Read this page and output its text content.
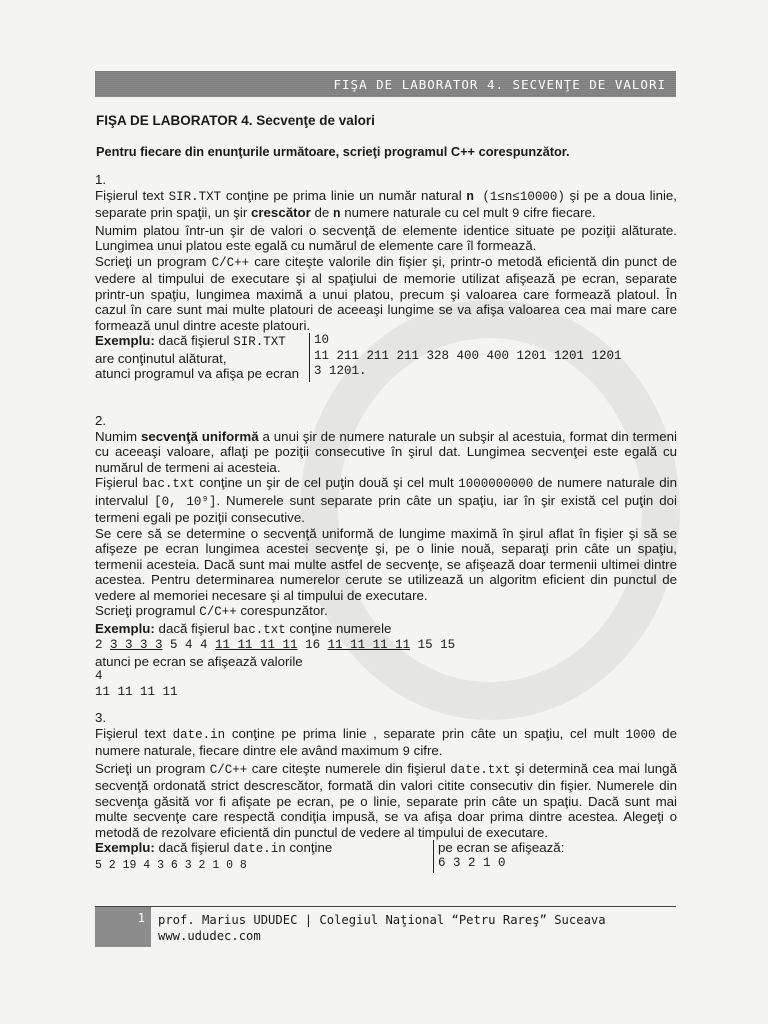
FIŞA DE LABORATOR 4. SECVENŢE DE VALORI
FIŞA DE LABORATOR 4. Secvenţe de valori
Pentru fiecare din enunţurile următoare, scrieţi programul C++ corespunzător.

1.

Fişierul text SIR.TXT conţine pe prima linie un număr natural n (1≤n≤10000) şi pe a doua linie, separate prin spaţii, un şir crescător de n numere naturale cu cel mult 9 cifre fiecare.

Numim platou într-un şir de valori o secvenţă de elemente identice situate pe poziţii alăturate. Lungimea unui platou este egală cu numărul de elemente care îl formează.

Scrieţi un program C/C++ care citeşte valorile din fişier şi, printr-o metodă eficientă din punct de vedere al timpului de executare şi al spaţiului de memorie utilizat afişează pe ecran, separate printr-un spaţiu, lungimea maximă a unui platou, precum şi valoarea care formează platoul. În cazul în care sunt mai multe platouri de aceeaşi lungime se va afişa valoarea cea mai mare care formează unul dintre aceste platouri.

Exemplu: dacă fişierul SIR.TXT
are conţinutul alăturat,
atunci programul va afişa pe ecran
10
11 211 211 211 328 400 400 1201 1201 1201
3 1201.

2.

Numim secvenţă uniformă a unui şir de numere naturale un subşir al acestuia, format din termeni cu aceeaşi valoare, aflaţi pe poziţii consecutive în şirul dat. Lungimea secvenţei este egală cu numărul de termeni ai acesteia.

Fişierul bac.txt conţine un şir de cel puţin două şi cel mult 1000000000 de numere naturale din intervalul [0, 10⁹]. Numerele sunt separate prin câte un spaţiu, iar în şir există cel puţin doi termeni egali pe poziţii consecutive.

Se cere să se determine o secvenţă uniformă de lungime maximă în şirul aflat în fişier şi să se afişeze pe ecran lungimea acestei secvenţe şi, pe o linie nouă, separaţi prin câte un spaţiu, termenii acesteia. Dacă sunt mai multe astfel de secvenţe, se afişează doar termenii ultimei dintre acestea. Pentru determinarea numerelor cerute se utilizează un algoritm eficient din punctul de vedere al memoriei necesare şi al timpului de executare.

Scrieţi programul C/C++ corespunzător.

Exemplu: dacă fişierul bac.txt conţine numerele
2 3 3 3 3 5 4 4 11 11 11 11 16 11 11 11 11 15 15
atunci pe ecran se afişează valorile
4
11 11 11 11

3.

Fişierul text date.in conţine pe prima linie , separate prin câte un spaţiu, cel mult 1000 de numere naturale, fiecare dintre ele având maximum 9 cifre.

Scrieţi un program C/C++ care citeşte numerele din fişierul date.txt şi determină cea mai lungă secvenţă ordonată strict descrescător, formată din valori citite consecutiv din fişier. Numerele din secvenţa găsită vor fi afişate pe ecran, pe o linie, separate prin câte un spaţiu. Dacă sunt mai multe secvenţe care respectă condiţia impusă, se va afişa doar prima dintre acestea. Alegeţi o metodă de rezolvare eficientă din punctul de vedere al timpului de executare.

Exemplu: dacă fişierul date.in conţine
5 2 19 4 3 6 3 2 1 0 8
pe ecran se afişează:
6 3 2 1 0
1 prof. Marius UDUDEC | Colegiul Naţional “Petru Rareş” Suceava
www.ududec.com
